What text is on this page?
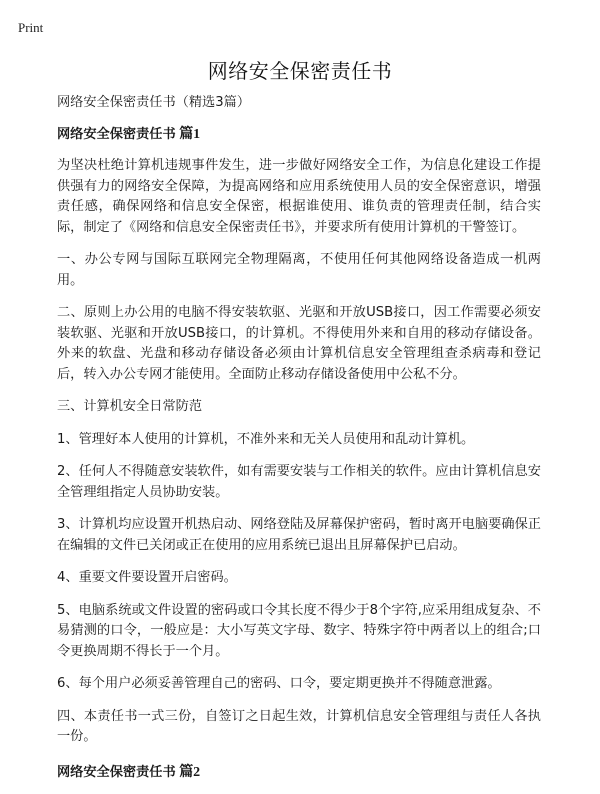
Print
网络安全保密责任书

网络安全保密责任书（精选3篇）

网络安全保密责任书 篇1

为坚决杜绝计算机违规事件发生，进一步做好网络安全工作，为信息化建设工作提供强有力的网络安全保障，为提高网络和应用系统使用人员的安全保密意识，增强责任感，确保网络和信息安全保密，根据谁使用、谁负责的管理责任制，结合实际，制定了《网络和信息安全保密责任书》，并要求所有使用计算机的干警签订。

一、办公专网与国际互联网完全物理隔离，不使用任何其他网络设备造成一机两用。

二、原则上办公用的电脑不得安装软驱、光驱和开放USB接口，因工作需要必须安装软驱、光驱和开放USB接口，的计算机。不得使用外来和自用的移动存储设备。外来的软盘、光盘和移动存储设备必须由计算机信息安全管理组查杀病毒和登记后，转入办公专网才能使用。全面防止移动存储设备使用中公私不分。

三、计算机安全日常防范

1、管理好本人使用的计算机，不准外来和无关人员使用和乱动计算机。

2、任何人不得随意安装软件，如有需要安装与工作相关的软件。应由计算机信息安全管理组指定人员协助安装。

3、计算机均应设置开机热启动、网络登陆及屏幕保护密码，暂时离开电脑要确保正在编辑的文件已关闭或正在使用的应用系统已退出且屏幕保护已启动。

4、重要文件要设置开启密码。

5、电脑系统或文件设置的密码或口令其长度不得少于8个字符,应采用组成复杂、不易猜测的口令，一般应是：大小写英文字母、数字、特殊字符中两者以上的组合;口令更换周期不得长于一个月。

6、每个用户必须妥善管理自己的密码、口令，要定期更换并不得随意泄露。

四、本责任书一式三份，自签订之日起生效，计算机信息安全管理组与责任人各执一份。

网络安全保密责任书 篇2
